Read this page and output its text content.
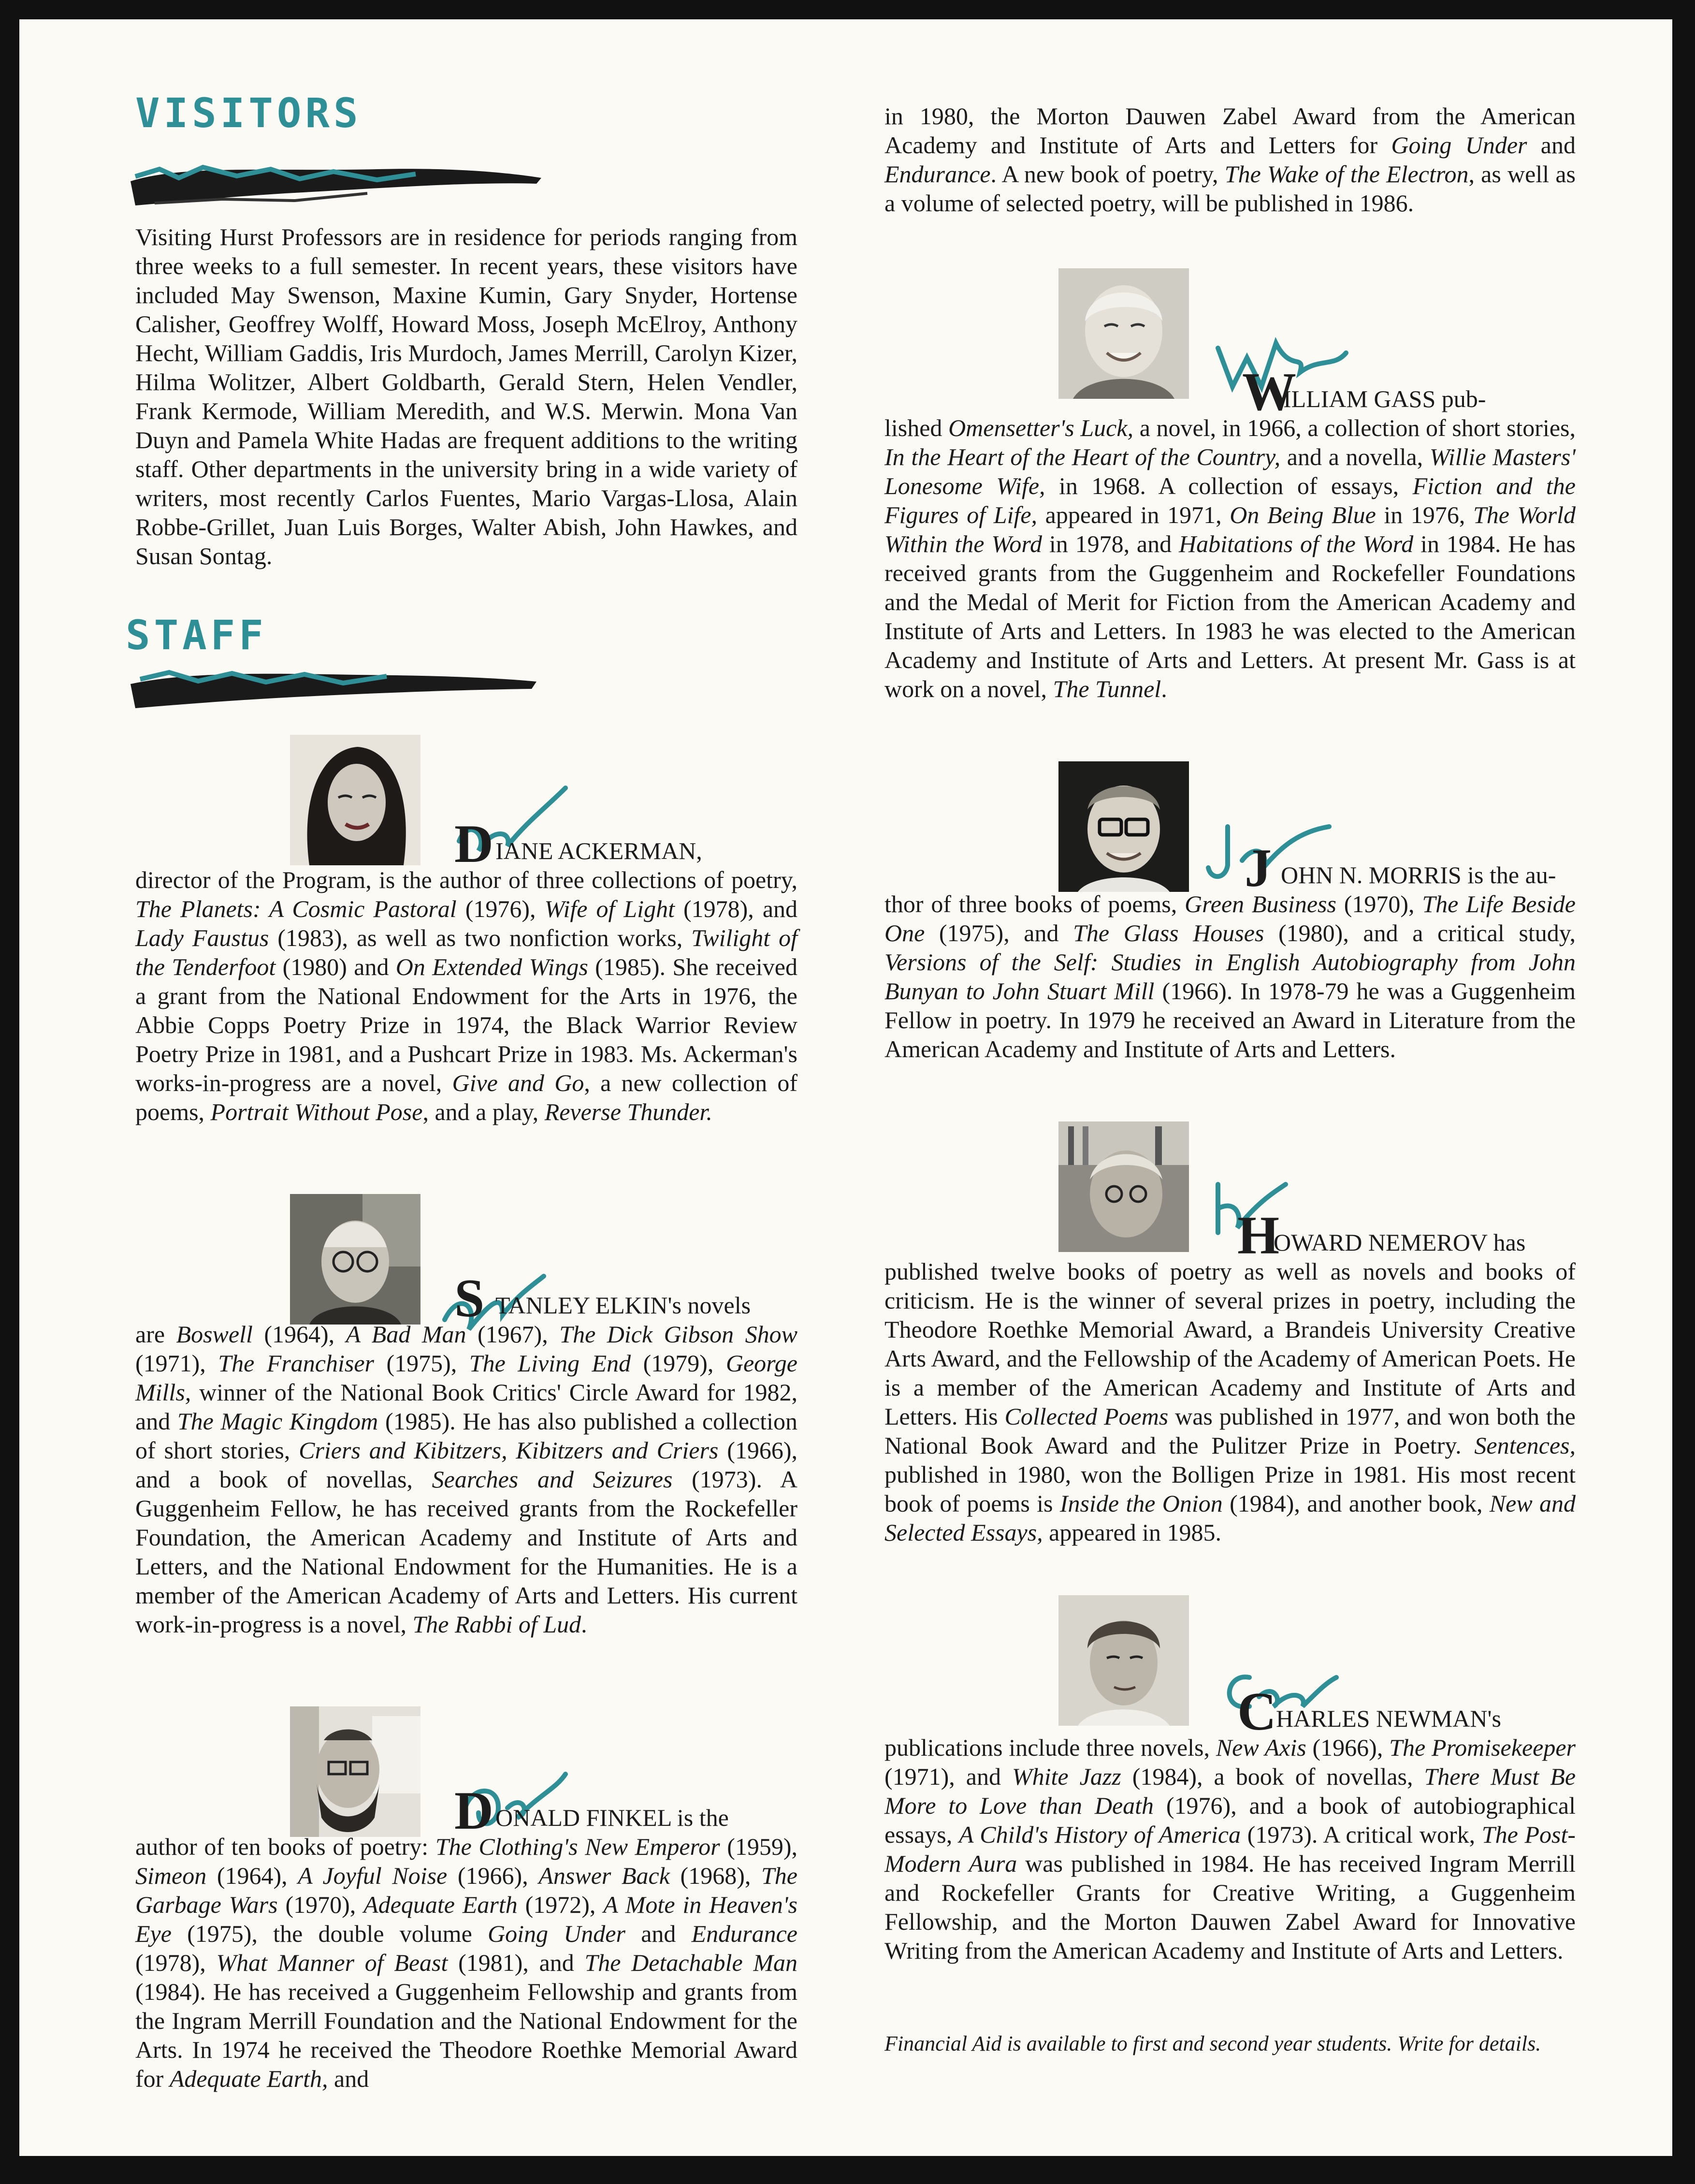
VISITORS
Visiting Hurst Professors are in residence for periods ranging from three weeks to a full semester. In recent years, these visitors have included May Swenson, Maxine Kumin, Gary Snyder, Hortense Calisher, Geoffrey Wolff, Howard Moss, Joseph McElroy, Anthony Hecht, William Gaddis, Iris Murdoch, James Merrill, Carolyn Kizer, Hilma Wolitzer, Albert Goldbarth, Gerald Stern, Helen Vendler, Frank Kermode, William Meredith, and W.S. Merwin. Mona Van Duyn and Pamela White Hadas are frequent additions to the writing staff. Other departments in the university bring in a wide variety of writers, most recently Carlos Fuentes, Mario Vargas-Llosa, Alain Robbe-Grillet, Juan Luis Borges, Walter Abish, John Hawkes, and Susan Sontag.
STAFF
D IANE ACKERMAN,
director of the Program, is the author of three collections of poetry, The Planets: A Cosmic Pastoral (1976), Wife of Light (1978), and Lady Faustus (1983), as well as two nonfiction works, Twilight of the Tenderfoot (1980) and On Extended Wings (1985). She received a grant from the National Endowment for the Arts in 1976, the Abbie Copps Poetry Prize in 1974, the Black Warrior Review Poetry Prize in 1981, and a Pushcart Prize in 1983. Ms. Ackerman's works-in-progress are a novel, Give and Go, a new collection of poems, Portrait Without Pose, and a play, Reverse Thunder.
S TANLEY ELKIN's novels
are Boswell (1964), A Bad Man (1967), The Dick Gibson Show (1971), The Franchiser (1975), The Living End (1979), George Mills, winner of the National Book Critics' Circle Award for 1982, and The Magic Kingdom (1985). He has also published a collection of short stories, Criers and Kibitzers, Kibitzers and Criers (1966), and a book of novellas, Searches and Seizures (1973). A Guggenheim Fellow, he has received grants from the Rockefeller Foundation, the American Academy and Institute of Arts and Letters, and the National Endowment for the Humanities. He is a member of the American Academy of Arts and Letters. His current work-in-progress is a novel, The Rabbi of Lud.
D ONALD FINKEL is the
author of ten books of poetry: The Clothing's New Emperor (1959), Simeon (1964), A Joyful Noise (1966), Answer Back (1968), The Garbage Wars (1970), Adequate Earth (1972), A Mote in Heaven's Eye (1975), the double volume Going Under and Endurance (1978), What Manner of Beast (1981), and The Detachable Man (1984). He has received a Guggenheim Fellowship and grants from the Ingram Merrill Foundation and the National Endowment for the Arts. In 1974 he received the Theodore Roethke Memorial Award for Adequate Earth, and
in 1980, the Morton Dauwen Zabel Award from the American Academy and Institute of Arts and Letters for Going Under and Endurance. A new book of poetry, The Wake of the Electron, as well as a volume of selected poetry, will be published in 1986.
W
ILLIAM GASS pub-
lished Omensetter's Luck, a novel, in 1966, a collection of short stories, In the Heart of the Heart of the Country, and a novella, Willie Masters' Lonesome Wife, in 1968. A collection of essays, Fiction and the Figures of Life, appeared in 1971, On Being Blue in 1976, The World Within the Word in 1978, and Habitations of the Word in 1984. He has received grants from the Guggenheim and Rockefeller Foundations and the Medal of Merit for Fiction from the American Academy and Institute of Arts and Letters. In 1983 he was elected to the American Academy and Institute of Arts and Letters. At present Mr. Gass is at work on a novel, The Tunnel.
J OHN N. MORRIS is the au-
thor of three books of poems, Green Business (1970), The Life Beside One (1975), and The Glass Houses (1980), and a critical study, Versions of the Self: Studies in English Autobiography from John Bunyan to John Stuart Mill (1966). In 1978-79 he was a Guggenheim Fellow in poetry. In 1979 he received an Award in Literature from the American Academy and Institute of Arts and Letters.
H
OWARD NEMEROV has
published twelve books of poetry as well as novels and books of criticism. He is the winner of several prizes in poetry, including the Theodore Roethke Memorial Award, a Brandeis University Creative Arts Award, and the Fellowship of the Academy of American Poets. He is a member of the American Academy and Institute of Arts and Letters. His Collected Poems was published in 1977, and won both the National Book Award and the Pulitzer Prize in Poetry. Sentences, published in 1980, won the Bolligen Prize in 1981. His most recent book of poems is Inside the Onion (1984), and another book, New and Selected Essays, appeared in 1985.
C HARLES NEWMAN's
publications include three novels, New Axis (1966), The Promisekeeper (1971), and White Jazz (1984), a book of novellas, There Must Be More to Love than Death (1976), and a book of autobiographical essays, A Child's History of America (1973). A critical work, The Post-Modern Aura was published in 1984. He has received Ingram Merrill and Rockefeller Grants for Creative Writing, a Guggenheim Fellowship, and the Morton Dauwen Zabel Award for Innovative Writing from the American Academy and Institute of Arts and Letters.
Financial Aid is available to first and second year students. Write for details.
